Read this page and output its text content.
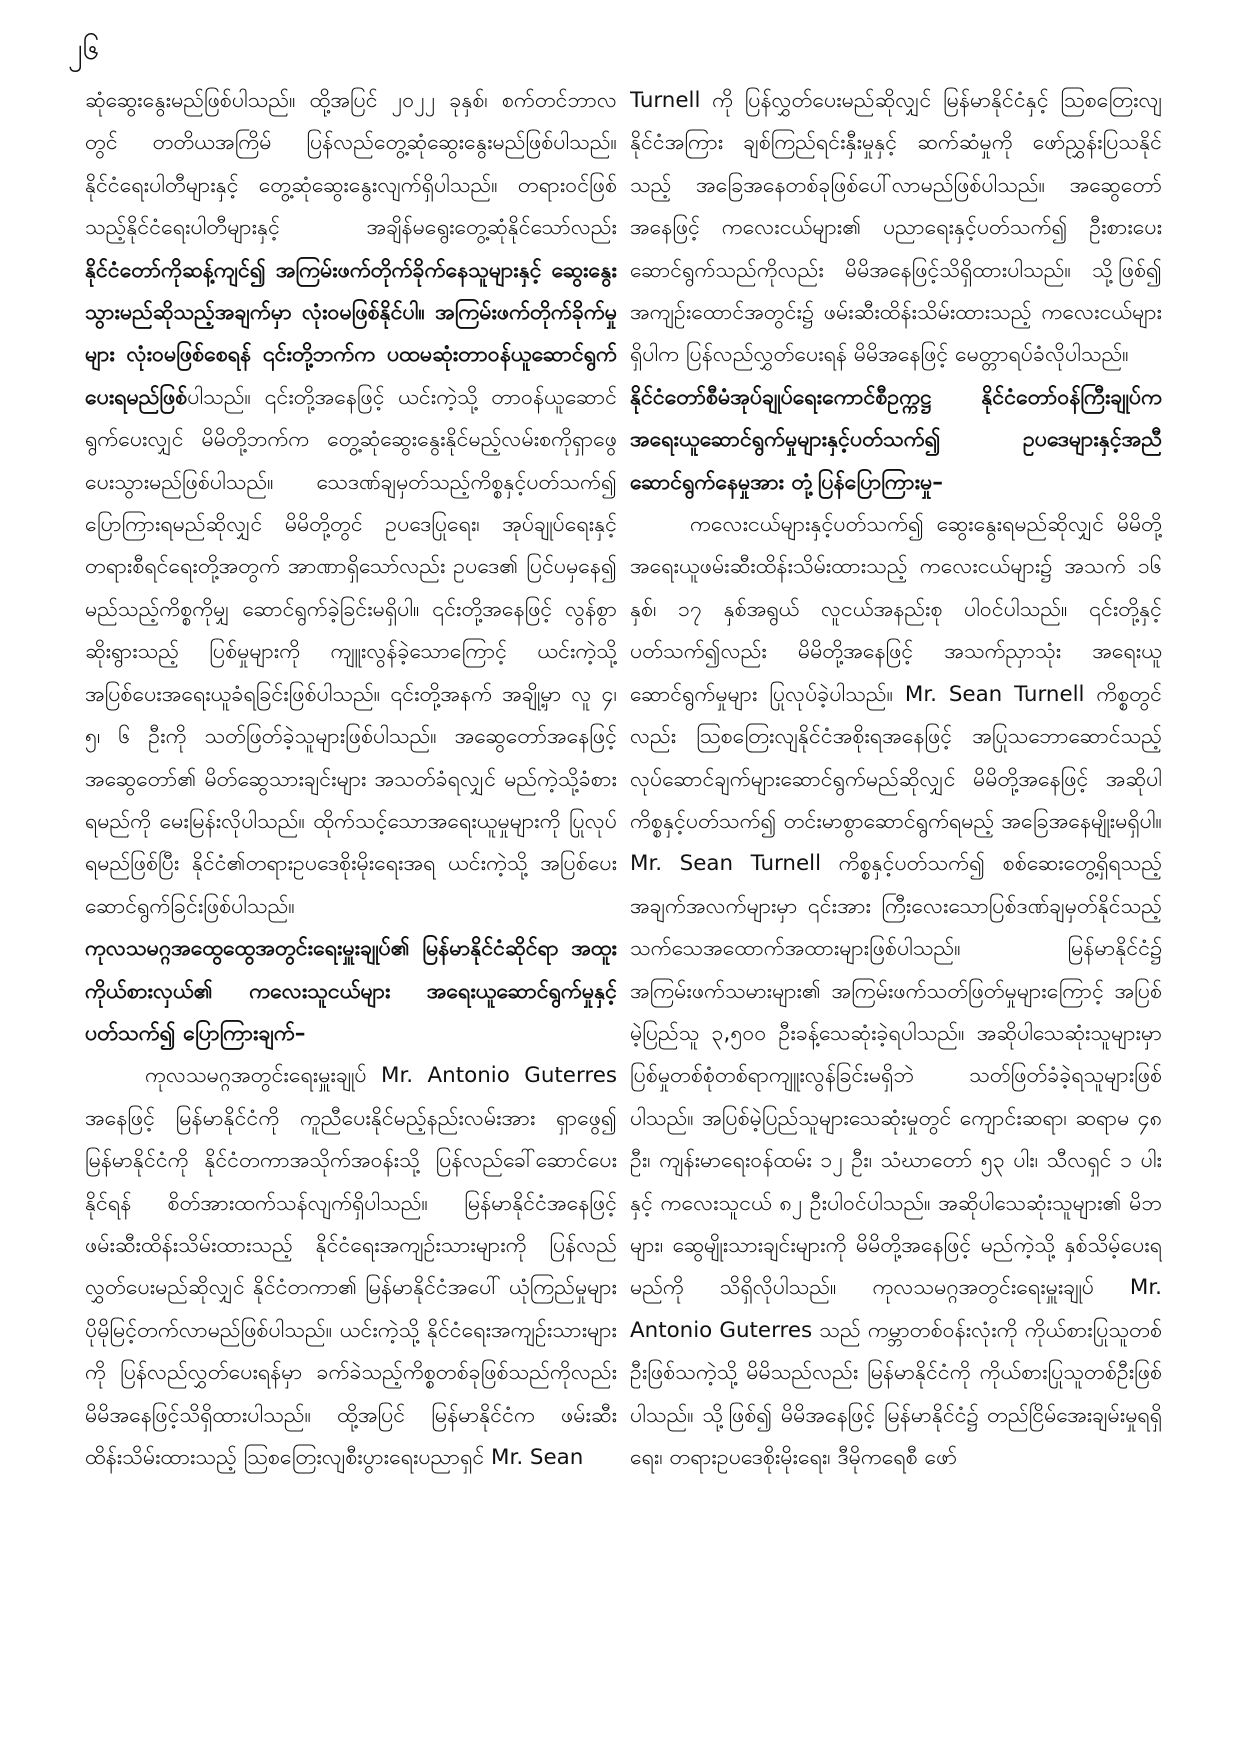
၂၆

ဆုံဆွေးနွေးမည်ဖြစ်ပါသည်။ ထို့အပြင် ၂၀၂၂ ခုနှစ်၊ စက်တင်ဘာလတွင် တတိယအကြိမ် ပြန်လည်တွေ့ဆုံဆွေးနွေးမည်ဖြစ်ပါသည်။ နိုင်ငံရေးပါတီများနှင့် တွေ့ဆုံဆွေးနွေးလျက်ရှိပါသည်။ တရားဝင်ဖြစ်သည့်နိုင်ငံရေးပါတီများနှင့် အချိန်မရွေးတွေ့ဆုံနိုင်သော်လည်း နိုင်ငံတော်ကိုဆန့်ကျင်၍ အကြမ်းဖက်တိုက်ခိုက်နေသူများနှင့် ဆွေးနွေးသွားမည်ဆိုသည့်အချက်မှာ လုံးဝမဖြစ်နိုင်ပါ။ အကြမ်းဖက်တိုက်ခိုက်မှုများ လုံးဝမဖြစ်စေရန် ၎င်းတို့ဘက်က ပထမဆုံးတာဝန်ယူဆောင်ရွက်ပေးရမည်ဖြစ်ပါသည်။ ၎င်းတို့အနေဖြင့် ယင်းကဲ့သို့ တာဝန်ယူဆောင်ရွက်ပေးလျှင် မိမိတို့ဘက်က တွေ့ဆုံဆွေးနွေးနိုင်မည့်လမ်းစကိုရှာဖွေပေးသွားမည်ဖြစ်ပါသည်။ သေဒဏ်ချမှတ်သည့်ကိစ္စနှင့်ပတ်သက်၍ ပြောကြားရမည်ဆိုလျှင် မိမိတို့တွင် ဥပဒေပြုရေး၊ အုပ်ချုပ်ရေးနှင့် တရားစီရင်ရေးတို့အတွက် အာဏာရှိသော်လည်း ဥပဒေ၏ ပြင်ပမှနေ၍ မည်သည့်ကိစ္စကိုမျှ ဆောင်ရွက်ခဲ့ခြင်းမရှိပါ။ ၎င်းတို့အနေဖြင့် လွန်စွာဆိုးရွားသည့် ပြစ်မှုများကို ကျူးလွန်ခဲ့သောကြောင့် ယင်းကဲ့သို့ အပြစ်ပေးအရေးယူခံရခြင်းဖြစ်ပါသည်။ ၎င်းတို့အနက် အချို့မှာ လူ ၄၊ ၅၊ ၆ ဦးကို သတ်ဖြတ်ခဲ့သူများဖြစ်ပါသည်။ အဆွေတော်အနေဖြင့် အဆွေတော်၏ မိတ်ဆွေသားချင်းများ အသတ်ခံရလျှင် မည်ကဲ့သို့ခံစားရမည်ကို မေးမြန်းလိုပါသည်။ ထိုက်သင့်သောအရေးယူမှုများကို ပြုလုပ်ရမည်ဖြစ်ပြီး နိုင်ငံ၏တရားဥပဒေစိုးမိုးရေးအရ ယင်းကဲ့သို့ အပြစ်ပေးဆောင်ရွက်ခြင်းဖြစ်ပါသည်။

ကုလသမဂ္ဂအထွေထွေအတွင်းရေးမှူးချုပ်၏ မြန်မာနိုင်ငံဆိုင်ရာ အထူးကိုယ်စားလှယ်၏ ကလေးသူငယ်များ အရေးယူဆောင်ရွက်မှုနှင့်ပတ်သက်၍ ပြောကြားချက်–

ကုလသမဂ္ဂအတွင်းရေးမှူးချုပ် Mr. Antonio Guterres အနေဖြင့် မြန်မာနိုင်ငံကို ကူညီပေးနိုင်မည့်နည်းလမ်းအား ရှာဖွေ၍ မြန်မာနိုင်ငံကို နိုင်ငံတကာအသိုက်အဝန်းသို့ ပြန်လည်ခေါ်ဆောင်ပေးနိုင်ရန် စိတ်အားထက်သန်လျက်ရှိပါသည်။ မြန်မာနိုင်ငံအနေဖြင့် ဖမ်းဆီးထိန်းသိမ်းထားသည့် နိုင်ငံရေးအကျဉ်းသားများကို ပြန်လည်လွှတ်ပေးမည်ဆိုလျှင် နိုင်ငံတကာ၏ မြန်မာနိုင်ငံအပေါ် ယုံကြည်မှုများ ပိုမိုမြင့်တက်လာမည်ဖြစ်ပါသည်။ ယင်းကဲ့သို့ နိုင်ငံရေးအကျဉ်းသားများကို ပြန်လည်လွှတ်ပေးရန်မှာ ခက်ခဲသည့်ကိစ္စတစ်ခုဖြစ်သည်ကိုလည်း မိမိအနေဖြင့်သိရှိထားပါသည်။ ထို့အပြင် မြန်မာနိုင်ငံက ဖမ်းဆီးထိန်းသိမ်းထားသည့် ဩစတြေးလျစီးပွားရေးပညာရှင် Mr. Sean

Turnell ကို ပြန်လွှတ်ပေးမည်ဆိုလျှင် မြန်မာနိုင်ငံနှင့် ဩစတြေးလျနိုင်ငံအကြား ချစ်ကြည်ရင်းနှီးမှုနှင့် ဆက်ဆံမှုကို ဖော်ညွှန်းပြသနိုင်သည့် အခြေအနေတစ်ခုဖြစ်ပေါ်လာမည်ဖြစ်ပါသည်။ အဆွေတော်အနေဖြင့် ကလေးငယ်များ၏ ပညာရေးနှင့်ပတ်သက်၍ ဦးစားပေးဆောင်ရွက်သည်ကိုလည်း မိမိအနေဖြင့်သိရှိထားပါသည်။ သို့ဖြစ်၍ အကျဉ်းထောင်အတွင်း၌ ဖမ်းဆီးထိန်းသိမ်းထားသည့် ကလေးငယ်များရှိပါက ပြန်လည်လွှတ်ပေးရန် မိမိအနေဖြင့် မေတ္တာရပ်ခံလိုပါသည်။

နိုင်ငံတော်စီမံအုပ်ချုပ်ရေးကောင်စီဥက္ကဋ္ဌ နိုင်ငံတော်ဝန်ကြီးချုပ်က အရေးယူဆောင်ရွက်မှုများနှင့်ပတ်သက်၍ ဥပဒေများနှင့်အညီ ဆောင်ရွက်နေမှုအား တုံ့ပြန်ပြောကြားမှု–

ကလေးငယ်များနှင့်ပတ်သက်၍ ဆွေးနွေးရမည်ဆိုလျှင် မိမိတို့အရေးယူဖမ်းဆီးထိန်းသိမ်းထားသည့် ကလေးငယ်များ၌ အသက် ၁၆ နှစ်၊ ၁၇ နှစ်အရွယ် လူငယ်အနည်းစု ပါဝင်ပါသည်။ ၎င်းတို့နှင့်ပတ်သက်၍လည်း မိမိတို့အနေဖြင့် အသက်ညှာသုံး အရေးယူဆောင်ရွက်မှုများ ပြုလုပ်ခဲ့ပါသည်။ Mr. Sean Turnell ကိစ္စတွင်လည်း ဩစတြေးလျနိုင်ငံအစိုးရအနေဖြင့် အပြုသဘောဆောင်သည့် လုပ်ဆောင်ချက်များဆောင်ရွက်မည်ဆိုလျှင် မိမိတို့အနေဖြင့် အဆိုပါကိစ္စနှင့်ပတ်သက်၍ တင်းမာစွာဆောင်ရွက်ရမည့် အခြေအနေမျိုးမရှိပါ။ Mr. Sean Turnell ကိစ္စနှင့်ပတ်သက်၍ စစ်ဆေးတွေ့ရှိရသည့် အချက်အလက်များမှာ ၎င်းအား ကြီးလေးသောပြစ်ဒဏ်ချမှတ်နိုင်သည့် သက်သေအထောက်အထားများဖြစ်ပါသည်။ မြန်မာနိုင်ငံ၌ အကြမ်းဖက်သမားများ၏ အကြမ်းဖက်သတ်ဖြတ်မှုများကြောင့် အပြစ်မဲ့ပြည်သူ ၃,၅၀၀ ဦးခန့်သေဆုံးခဲ့ရပါသည်။ အဆိုပါသေဆုံးသူများမှာ ပြစ်မှုတစ်စုံတစ်ရာကျူးလွန်ခြင်းမရှိဘဲ သတ်ဖြတ်ခံခဲ့ရသူများဖြစ်ပါသည်။ အပြစ်မဲ့ပြည်သူများသေဆုံးမှုတွင် ကျောင်းဆရာ၊ ဆရာမ ၄၈ ဦး၊ ကျန်းမာရေးဝန်ထမ်း ၁၂ ဦး၊ သံဃာတော် ၅၃ ပါး၊ သီလရှင် ၁ ပါးနှင့် ကလေးသူငယ် ၈၂ ဦးပါဝင်ပါသည်။ အဆိုပါသေဆုံးသူများ၏ မိဘများ၊ ဆွေမျိုးသားချင်းများကို မိမိတို့အနေဖြင့် မည်ကဲ့သို့ နှစ်သိမ့်ပေးရမည်ကို သိရှိလိုပါသည်။ ကုလသမဂ္ဂအတွင်းရေးမှူးချုပ် Mr. Antonio Guterres သည် ကမ္ဘာတစ်ဝန်းလုံးကို ကိုယ်စားပြုသူတစ်ဦးဖြစ်သကဲ့သို့ မိမိသည်လည်း မြန်မာနိုင်ငံကို ကိုယ်စားပြုသူတစ်ဦးဖြစ်ပါသည်။ သို့ဖြစ်၍ မိမိအနေဖြင့် မြန်မာနိုင်ငံ၌ တည်ငြိမ်အေးချမ်းမှုရရှိရေး၊ တရားဥပဒေစိုးမိုးရေး၊ ဒီမိုကရေစီ ဖော်
